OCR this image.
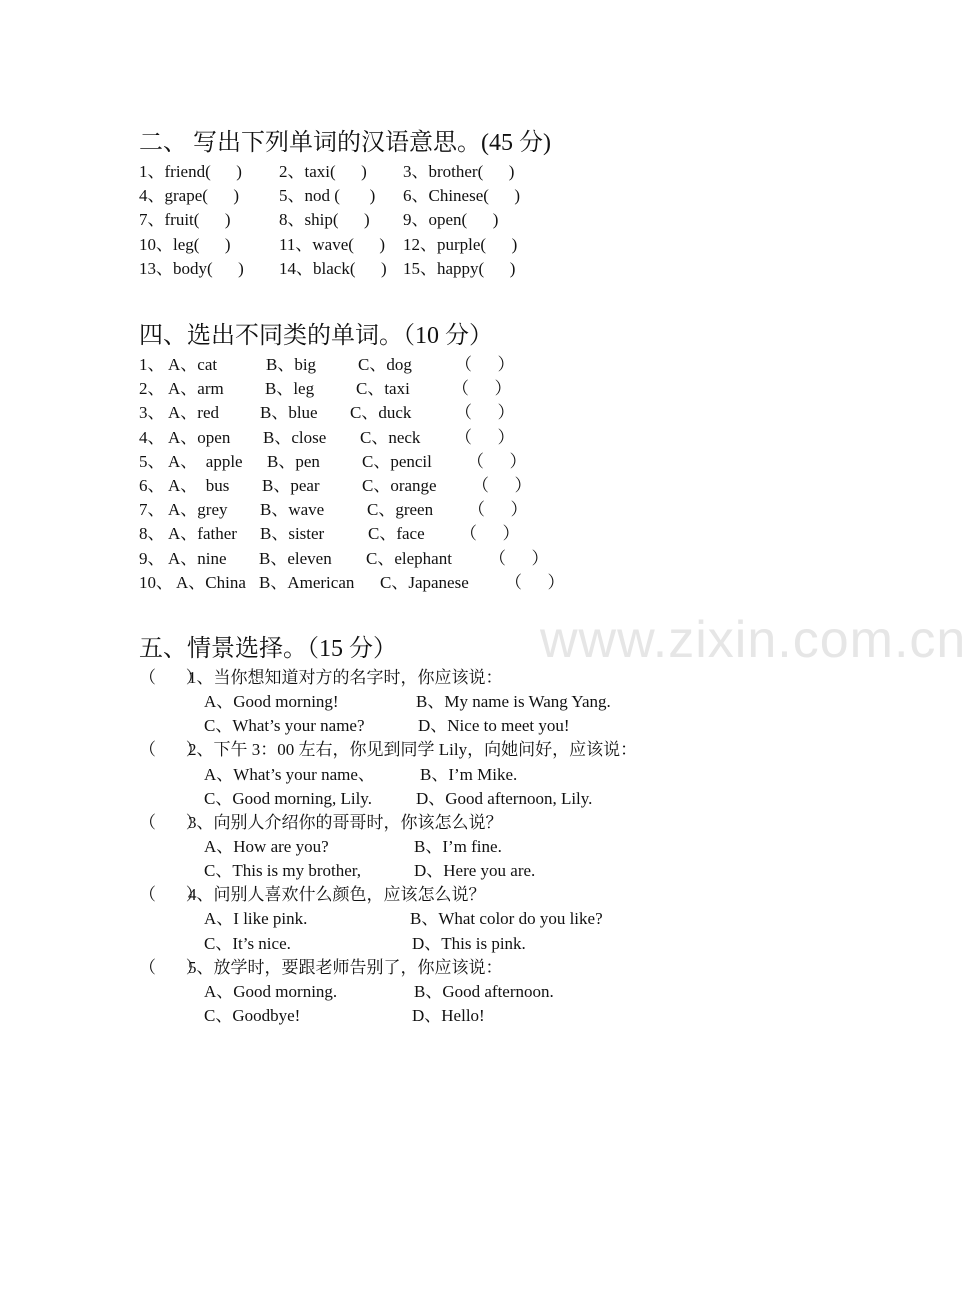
www.zixin.com.cn
二、 写出下列单词的汉语意思。(45 分)
1、friend(      ) 2、taxi(      ) 3、brother(      )
4、grape(      ) 5、nod (       ) 6、Chinese(      )
7、fruit(      )	8、ship(      ) 9、open(      )
10、leg(      )	11、wave(      ) 12、purple(      )
13、body(      ) 14、black(      ) 15、happy(      )
四、选出不同类的单词。（10 分）
1、 A、cat	B、big C、dog	（      ）
2、 A、arm B、leg C、taxi （      ）
3、 A、red B、blue C、duck	（      ）
4、 A、open B、close C、neck （      ）
5、 A、  apple B、pen C、pencil （      ）
6、 A、  bus B、pear C、orange （      ）
7、 A、grey B、wave	C、green （      ）
8、 A、father B、sister	C、face （      ）
9、 A、nine B、eleven C、elephant （      ）
10、 A、China B、American C、Japanese （      ）
五、情景选择。（15 分）
（       ）
1、当你想知道对方的名字时，你应该说：
A、Good morning!	B、My name is Wang Yang.
C、What’s your name?	D、Nice to meet you!
（       ）
2、下午 3：00 左右，你见到同学 Lily，向她问好，应该说：
A、What’s your name、	B、I’m Mike.
C、Good morning, Lily.	D、Good afternoon, Lily.
（       ）
3、向别人介绍你的哥哥时，你该怎么说？
A、How are you?	B、I’m fine.
C、This is my brother,	D、Here you are.
（       ）
4、问别人喜欢什么颜色，应该怎么说？
A、I like pink.	B、What color do you like?
C、It’s nice.	D、This is pink.
（       ）
5、放学时，要跟老师告别了，你应该说：
A、Good morning.	B、Good afternoon.
C、Goodbye!	D、Hello!
